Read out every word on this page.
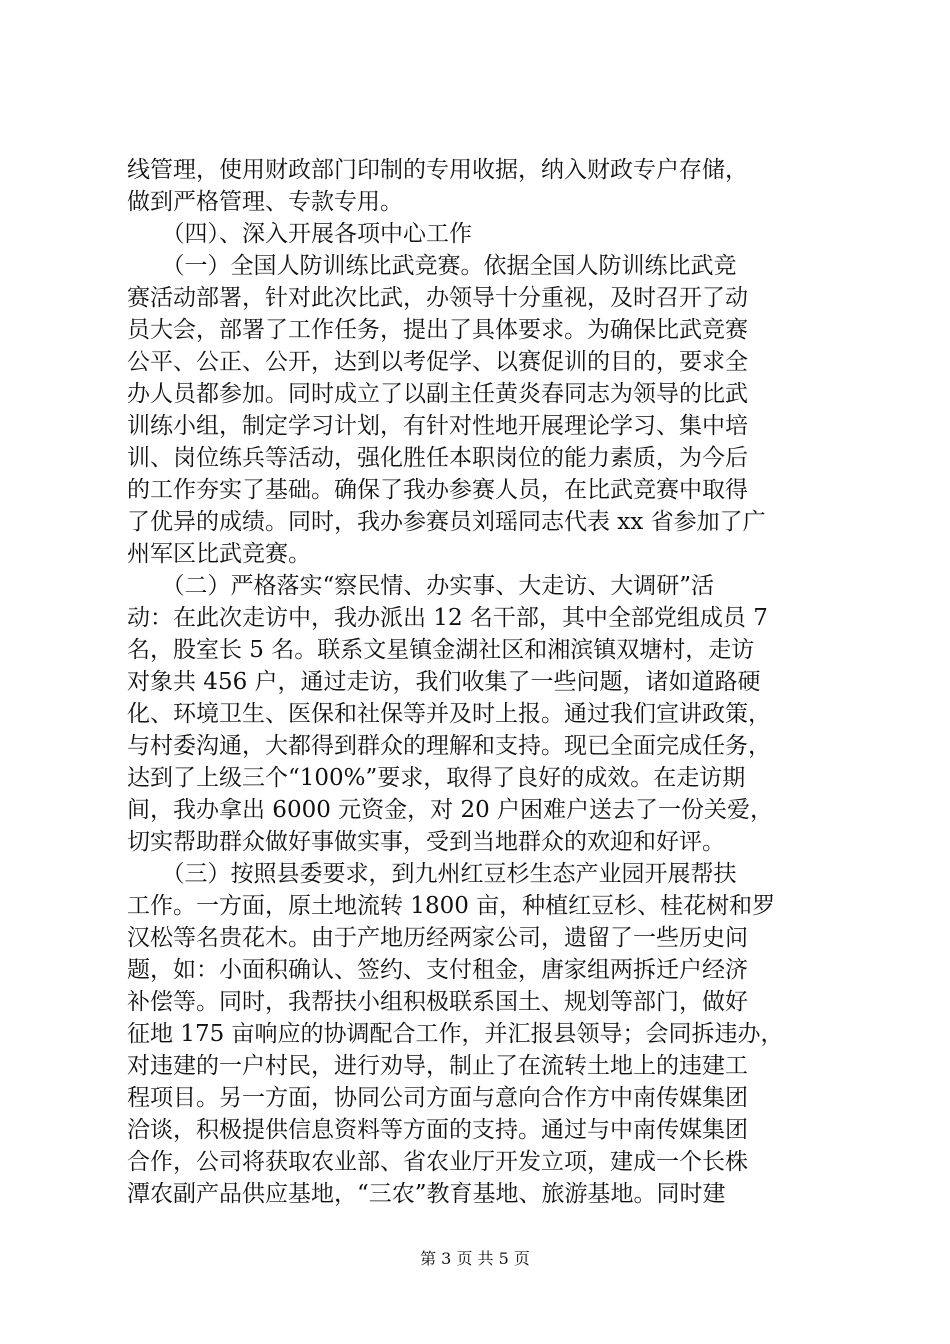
线管理，使用财政部门印制的专用收据，纳入财政专户存储，
做到严格管理、专款专用。
　　（四）、深入开展各项中心工作
　　（一）全国人防训练比武竞赛。依据全国人防训练比武竞
赛活动部署，针对此次比武，办领导十分重视，及时召开了动
员大会，部署了工作任务，提出了具体要求。为确保比武竞赛
公平、公正、公开，达到以考促学、以赛促训的目的，要求全
办人员都参加。同时成立了以副主任黄炎春同志为领导的比武
训练小组，制定学习计划，有针对性地开展理论学习、集中培
训、岗位练兵等活动，强化胜任本职岗位的能力素质，为今后
的工作夯实了基础。确保了我办参赛人员，在比武竞赛中取得
了优异的成绩。同时，我办参赛员刘瑶同志代表 xx 省参加了广
州军区比武竞赛。
　　（二）严格落实“察民情、办实事、大走访、大调研”活
动：在此次走访中，我办派出 12 名干部，其中全部党组成员 7
名，股室长 5 名。联系文星镇金湖社区和湘滨镇双塘村，走访
对象共 456 户，通过走访，我们收集了一些问题，诸如道路硬
化、环境卫生、医保和社保等并及时上报。通过我们宣讲政策，
与村委沟通，大都得到群众的理解和支持。现已全面完成任务，
达到了上级三个“100%”要求，取得了良好的成效。在走访期
间，我办拿出 6000 元资金，对 20 户困难户送去了一份关爱，
切实帮助群众做好事做实事，受到当地群众的欢迎和好评。
　　（三）按照县委要求，到九州红豆杉生态产业园开展帮扶
工作。一方面，原土地流转 1800 亩，种植红豆杉、桂花树和罗
汉松等名贵花木。由于产地历经两家公司，遗留了一些历史问
题，如：小面积确认、签约、支付租金，唐家组两拆迁户经济
补偿等。同时，我帮扶小组积极联系国土、规划等部门，做好
征地 175 亩响应的协调配合工作，并汇报县领导；会同拆违办，
对违建的一户村民，进行劝导，制止了在流转土地上的违建工
程项目。另一方面，协同公司方面与意向合作方中南传媒集团
洽谈，积极提供信息资料等方面的支持。通过与中南传媒集团
合作，公司将获取农业部、省农业厅开发立项，建成一个长株
潭农副产品供应基地，“三农”教育基地、旅游基地。同时建
第 3 页 共 5 页
